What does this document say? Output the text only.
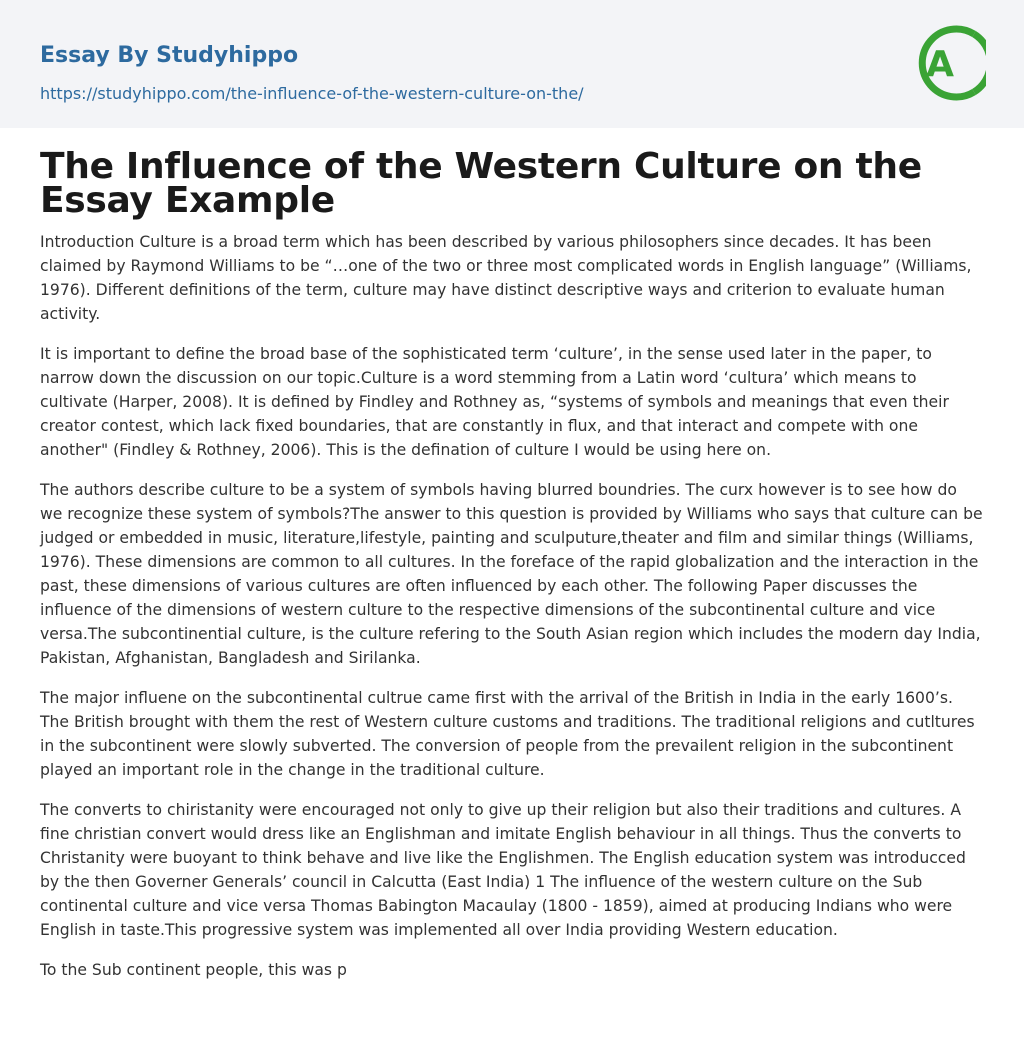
Essay By Studyhippo
https://studyhippo.com/the-influence-of-the-western-culture-on-the/
A
The Influence of the Western Culture on the Essay Example

Introduction Culture is a broad term which has been described by various philosophers since decades. It has been claimed by Raymond Williams to be “…one of the two or three most complicated words in English language” (Williams, 1976). Different definitions of the term, culture may have distinct descriptive ways and criterion to evaluate human activity.

It is important to define the broad base of the sophisticated term ‘culture’, in the sense used later in the paper, to narrow down the discussion on our topic.Culture is a word stemming from a Latin word ‘cultura’ which means to cultivate (Harper, 2008). It is defined by Findley and Rothney as, “systems of symbols and meanings that even their creator contest, which lack fixed boundaries, that are constantly in flux, and that interact and compete with one another" (Findley & Rothney, 2006). This is the defination of culture I would be using here on.

The authors describe culture to be a system of symbols having blurred boundries. The curx however is to see how do we recognize these system of symbols?The answer to this question is provided by Williams who says that culture can be judged or embedded in music, literature,lifestyle, painting and sculputure,theater and film and similar things (Williams, 1976). These dimensions are common to all cultures. In the foreface of the rapid globalization and the interaction in the past, these dimensions of various cultures are often influenced by each other. The following Paper discusses the influence of the dimensions of western culture to the respective dimensions of the subcontinental culture and vice versa.The subcontinential culture, is the culture refering to the South Asian region which includes the modern day India, Pakistan, Afghanistan, Bangladesh and Sirilanka.

The major influene on the subcontinental cultrue came first with the arrival of the British in India in the early 1600’s. The British brought with them the rest of Western culture customs and traditions. The traditional religions and cutltures in the subcontinent were slowly subverted. The conversion of people from the prevailent religion in the subcontinent played an important role in the change in the traditional culture.

The converts to chiristanity were encouraged not only to give up their religion but also their traditions and cultures. A fine christian convert would dress like an Englishman and imitate English behaviour in all things. Thus the converts to Christanity were buoyant to think behave and live like the Englishmen. The English education system was introducced by the then Governer Generals’ council in Calcutta (East India) 1 The influence of the western culture on the Sub continental culture and vice versa Thomas Babington Macaulay (1800 - 1859), aimed at producing Indians who were English in taste.This progressive system was implemented all over India providing Western education.

To the Sub continent people, this was p
